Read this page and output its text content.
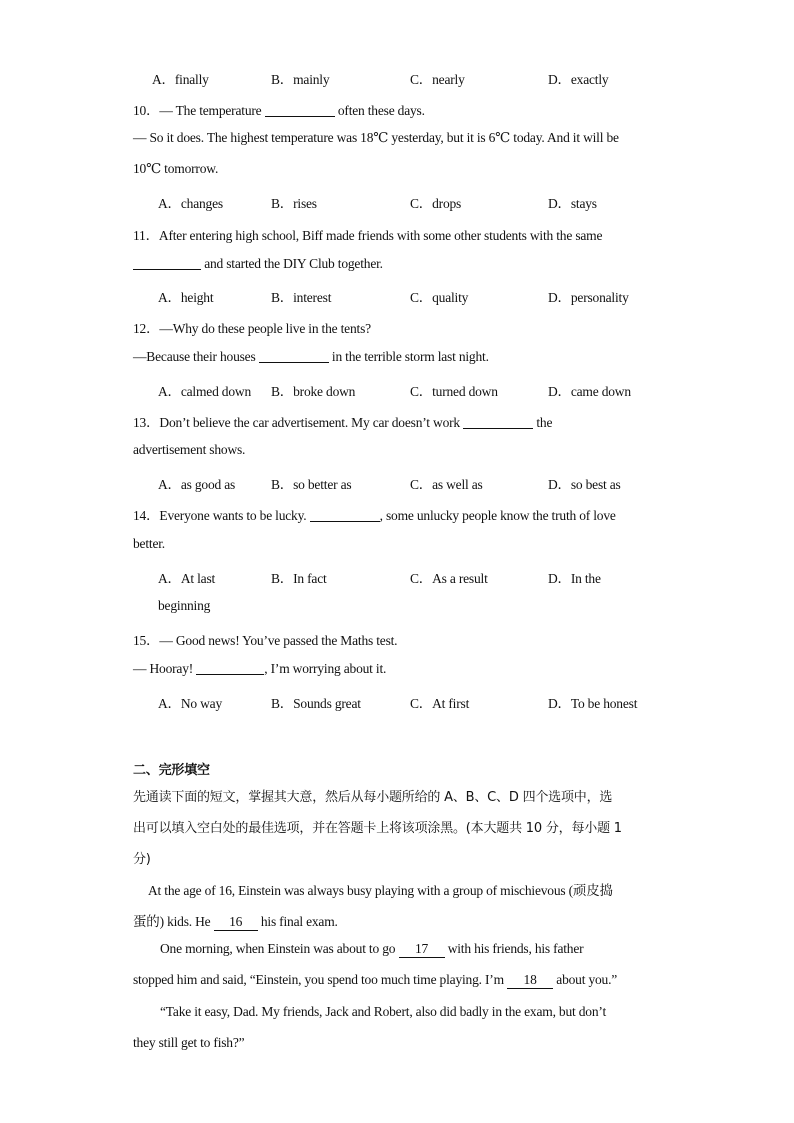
A．finally	B．mainly	C．nearly	D．exactly
10．— The temperature	often these days.
— So it does. The highest temperature was 18℃ yesterday, but it is 6℃ today. And it will be
10℃ tomorrow.
A．changes	B．rises	C．drops	D．stays
11．After entering high school, Biff made friends with some other students with the same
and started the DIY Club together.
A．height	B．interest	C．quality	D．personality
12．—Why do these people live in the tents?
—Because their houses	in the terrible storm last night.
A．calmed down B．broke down	C．turned down	D．came down
13．Don’t believe the car advertisement. My car doesn’t work	the
advertisement shows.
A．as good as	B．so better as	C．as well as	D．so best as
14．Everyone wants to be lucky.	, some unlucky people know the truth of love
better.
A．At last	B．In fact	C．As a result	D．In the
beginning
15．— Good news! You’ve passed the Maths test.
— Hooray!	, I’m worrying about it.
A．No way	B．Sounds great	C．At first	D．To be honest
二、完形填空
先通读下面的短文，掌握其大意，然后从每小题所给的 A、B、C、D 四个选项中，选
出可以填入空白处的最佳选项，并在答题卡上将该项涂黑。(本大题共 10 分，每小题 1
分)
At the age of 16, Einstein was always busy playing with a group of mischievous (顽皮捣
蛋的) kids. He 16 his final exam.
One morning, when Einstein was about to go 17 with his friends, his father
stopped him and said, “Einstein, you spend too much time playing. I’m 18 about you.”
“Take it easy, Dad. My friends, Jack and Robert, also did badly in the exam, but don’t
they still get to fish?”
